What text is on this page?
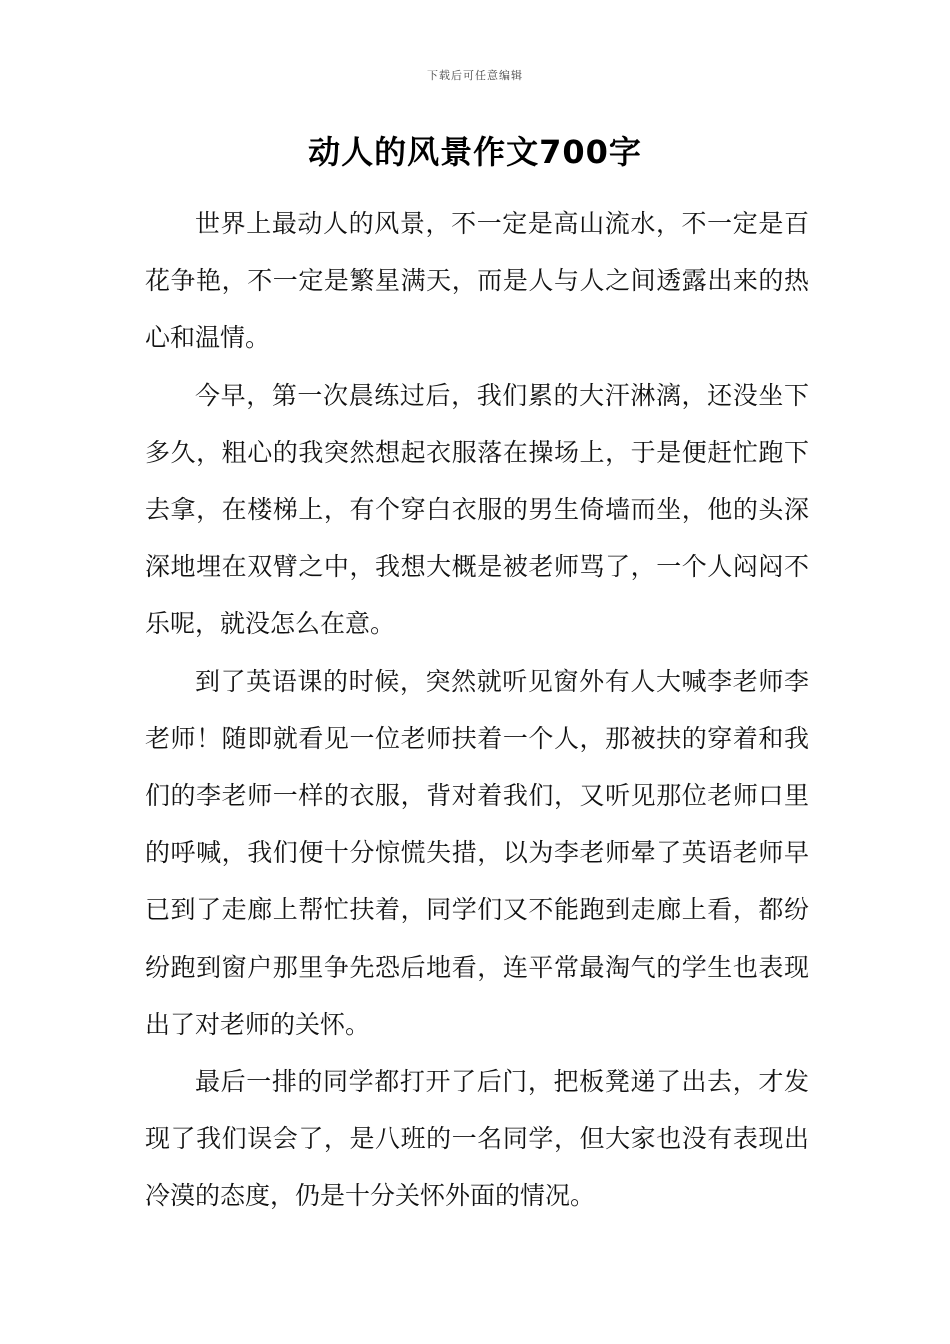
下载后可任意编辑
动人的风景作文700字

世界上最动人的风景，不一定是高山流水，不一定是百花争艳，不一定是繁星满天，而是人与人之间透露出来的热心和温情。

今早，第一次晨练过后，我们累的大汗淋漓，还没坐下多久，粗心的我突然想起衣服落在操场上，于是便赶忙跑下去拿，在楼梯上，有个穿白衣服的男生倚墙而坐，他的头深深地埋在双臂之中，我想大概是被老师骂了，一个人闷闷不乐呢，就没怎么在意。

到了英语课的时候，突然就听见窗外有人大喊李老师李老师！随即就看见一位老师扶着一个人，那被扶的穿着和我们的李老师一样的衣服，背对着我们，又听见那位老师口里的呼喊，我们便十分惊慌失措，以为李老师晕了英语老师早已到了走廊上帮忙扶着，同学们又不能跑到走廊上看，都纷纷跑到窗户那里争先恐后地看，连平常最淘气的学生也表现出了对老师的关怀。

最后一排的同学都打开了后门，把板凳递了出去，才发现了我们误会了，是八班的一名同学，但大家也没有表现出冷漠的态度，仍是十分关怀外面的情况。
